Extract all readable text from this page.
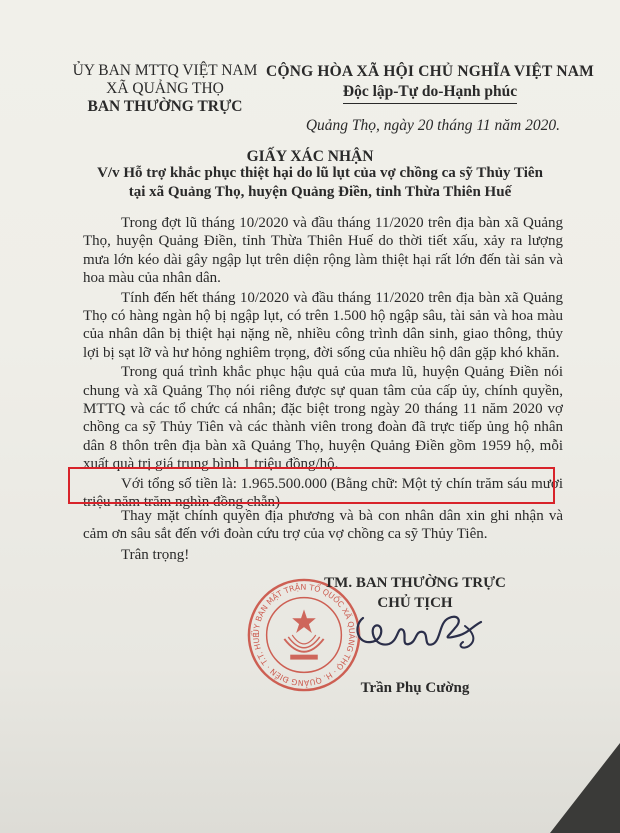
ỦY BAN MTTQ VIỆT NAM
XÃ QUẢNG THỌ
BAN THƯỜNG TRỰC
CỘNG HÒA XÃ HỘI CHỦ NGHĨA VIỆT NAM
Độc lập-Tự do-Hạnh phúc
Quảng Thọ, ngày 20 tháng 11 năm 2020.
GIẤY XÁC NHẬN
V/v Hỗ trợ khắc phục thiệt hại do lũ lụt của vợ chồng ca sỹ Thủy Tiên
tại xã Quảng Thọ, huyện Quảng Điền, tỉnh Thừa Thiên Huế

Trong đợt lũ tháng 10/2020 và đầu tháng 11/2020 trên địa bàn xã Quảng Thọ, huyện Quảng Điền, tỉnh Thừa Thiên Huế do thời tiết xấu, xảy ra lượng mưa lớn kéo dài gây ngập lụt trên diện rộng làm thiệt hại rất lớn đến tài sản và hoa màu của nhân dân.

Tính đến hết tháng 10/2020 và đầu tháng 11/2020 trên địa bàn xã Quảng Thọ có hàng ngàn hộ bị ngập lụt, có trên 1.500 hộ ngập sâu, tài sản và hoa màu của nhân dân bị thiệt hại nặng nề, nhiều công trình dân sinh, giao thông, thủy lợi bị sạt lỡ và hư hỏng nghiêm trọng, đời sống của nhiều hộ dân gặp khó khăn.

Trong quá trình khắc phục hậu quả của mưa lũ, huyện Quảng Điền nói chung và xã Quảng Thọ nói riêng được sự quan tâm của cấp ủy, chính quyền, MTTQ và các tổ chức cá nhân; đặc biệt trong ngày 20 tháng 11 năm 2020 vợ chồng ca sỹ Thủy Tiên và các thành viên trong đoàn đã trực tiếp ủng hộ nhân dân 8 thôn trên địa bàn xã Quảng Thọ, huyện Quảng Điền gồm 1959 hộ, mỗi xuất quà trị giá trung bình 1 triệu đồng/hộ.

Với tổng số tiền là: 1.965.500.000 (Bằng chữ: Một tỷ chín trăm sáu mươi triệu năm trăm nghìn đồng chẵn)

Thay mặt chính quyền địa phương và bà con nhân dân xin ghi nhận và cảm ơn sâu sắt đến với đoàn cứu trợ của vợ chồng ca sỹ Thủy Tiên.

Trân trọng!

ỦY BAN MẶT TRẬN TỔ QUỐC XÃ QUẢNG THỌ · H. QUẢNG ĐIỀN · T.T. HUẾ
TM. BAN THƯỜNG TRỰC
CHỦ TỊCH
Trần Phụ Cường
